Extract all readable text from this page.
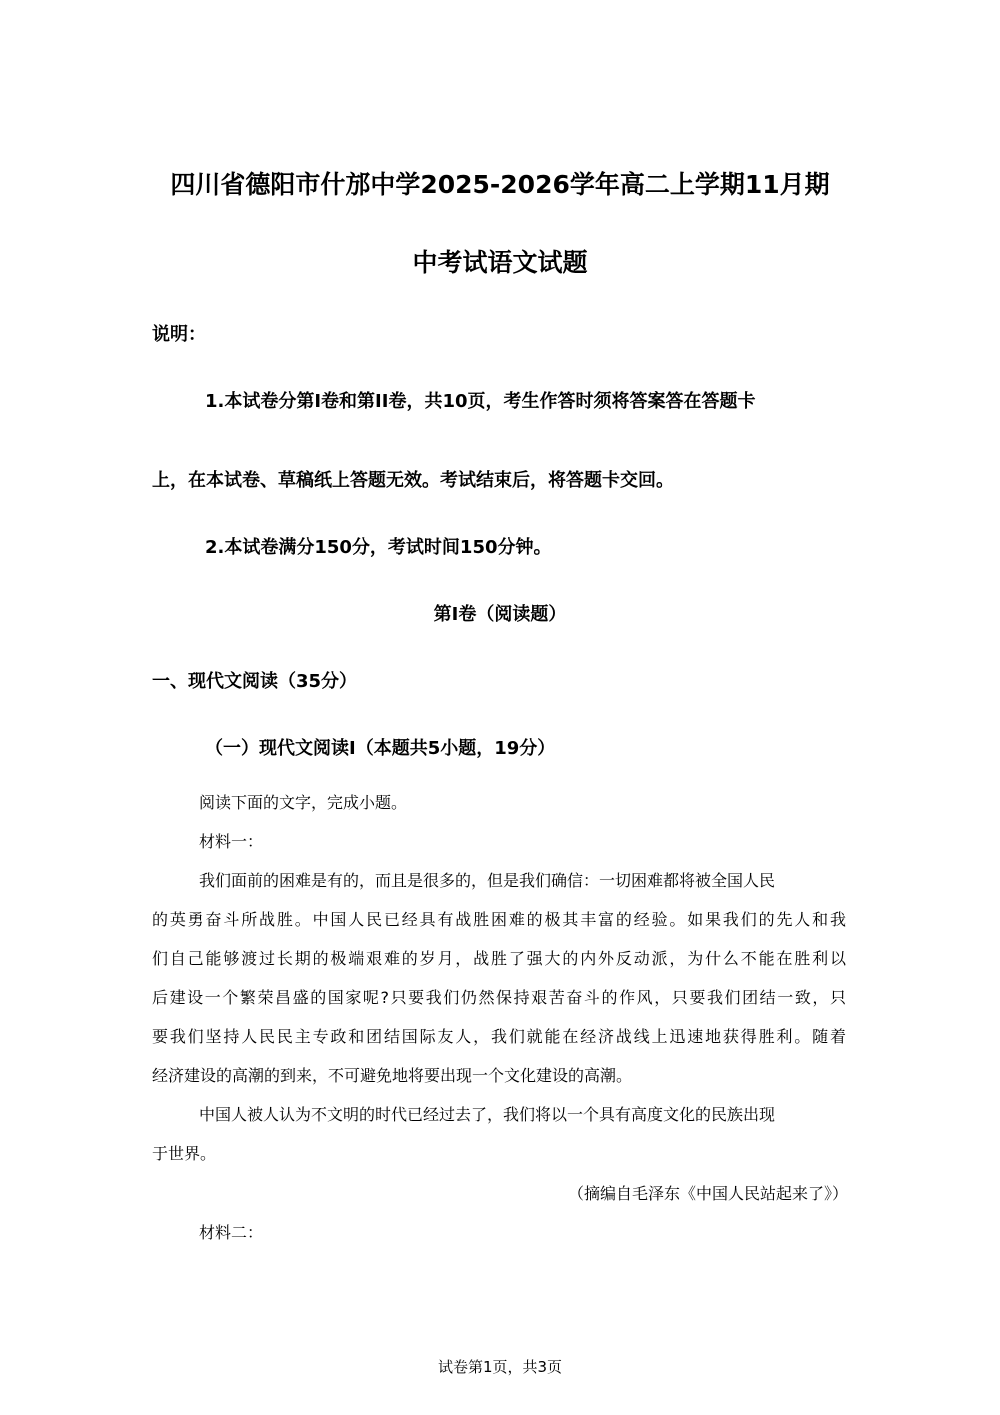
四川省德阳市什邡中学2025-2026学年高二上学期11月期
中考试语文试题
说明：
1.本试卷分第I卷和第II卷，共10页，考生作答时须将答案答在答题卡
上，在本试卷、草稿纸上答题无效。考试结束后，将答题卡交回。
2.本试卷满分150分，考试时间150分钟。
第I卷（阅读题）
一、现代文阅读（35分）
（一）现代文阅读I（本题共5小题，19分）
阅读下面的文字，完成小题。
材料一：
我们面前的困难是有的，而且是很多的，但是我们确信：一切困难都将被全国人民
的英勇奋斗所战胜。中国人民已经具有战胜困难的极其丰富的经验。如果我们的先人和我
们自己能够渡过长期的极端艰难的岁月，战胜了强大的内外反动派，为什么不能在胜利以
后建设一个繁荣昌盛的国家呢?只要我们仍然保持艰苦奋斗的作风，只要我们团结一致，只
要我们坚持人民民主专政和团结国际友人，我们就能在经济战线上迅速地获得胜利。随着
经济建设的高潮的到来，不可避免地将要出现一个文化建设的高潮。
中国人被人认为不文明的时代已经过去了，我们将以一个具有高度文化的民族出现
于世界。
（摘编自毛泽东《中国人民站起来了》）
材料二：
试卷第1页，共3页
